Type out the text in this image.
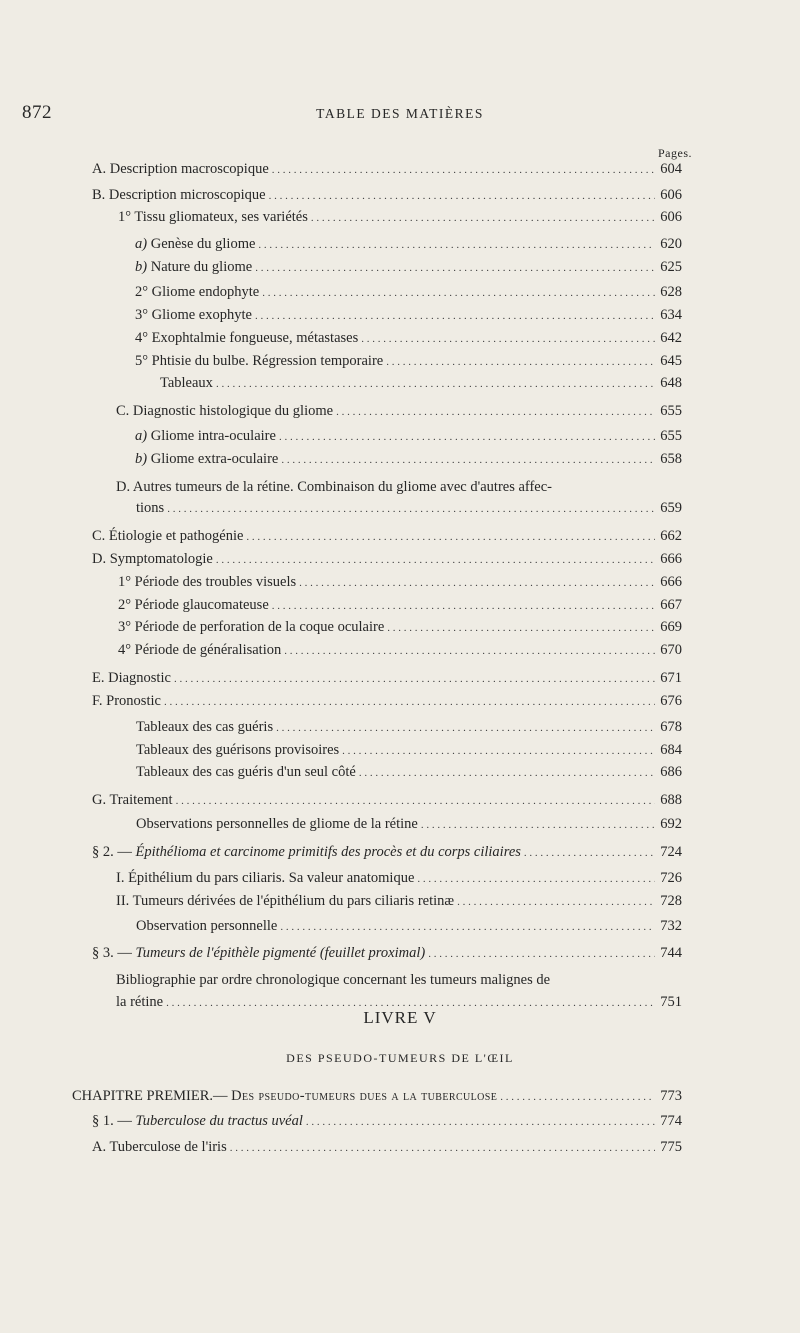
872	TABLE DES MATIÈRES
Pages.
A. Description macroscopique . . .	604
B. Description microscopique . . .	606
1° Tissu gliomateux, ses variétés . . .	606
a) Genèse du gliome . . .	620
b) Nature du gliome . . .	625
2° Gliome endophyte . . .	628
3° Gliome exophyte . . .	634
4° Exophtalmie fongueuse, métastases . . .	642
5° Phtisie du bulbe. Régression temporaire . . .	645
Tableaux . . .	648
C. Diagnostic histologique du gliome . . .	655
a) Gliome intra-oculaire . . .	655
b) Gliome extra-oculaire . . .	658
D. Autres tumeurs de la rétine. Combinaison du gliome avec d'autres affec-
tions . . .	659
C. Étiologie et pathogénie . . .	662
D. Symptomatologie . . .	666
1° Période des troubles visuels . . .	666
2° Période glaucomateuse . . .	667
3° Période de perforation de la coque oculaire . . .	669
4° Période de généralisation . . .	670
E. Diagnostic . . .	671
F. Pronostic . . .	676
Tableaux des cas guéris . . .	678
Tableaux des guérisons provisoires . . .	684
Tableaux des cas guéris d'un seul côté . . .	686
G. Traitement . . .	688
Observations personnelles de gliome de la rétine . . .	692
§ 2. — Épithélioma et carcinome primitifs des procès et du corps ciliaires . . .	724
I. Épithélium du pars ciliaris. Sa valeur anatomique . . .	726
II. Tumeurs dérivées de l'épithélium du pars ciliaris retinæ . . .	728
Observation personnelle . . .	732
§ 3. — Tumeurs de l'épithèle pigmenté (feuillet proximal) . . .	744
Bibliographie par ordre chronologique concernant les tumeurs malignes de
la rétine . . .	751
LIVRE V
DES PSEUDO-TUMEURS DE L'ŒIL
CHAPITRE PREMIER.— Des pseudo-tumeurs dues a la tuberculose . . .	773
§ 1. — Tuberculose du tractus uvéal . . .	774
A. Tuberculose de l'iris . . .	775
